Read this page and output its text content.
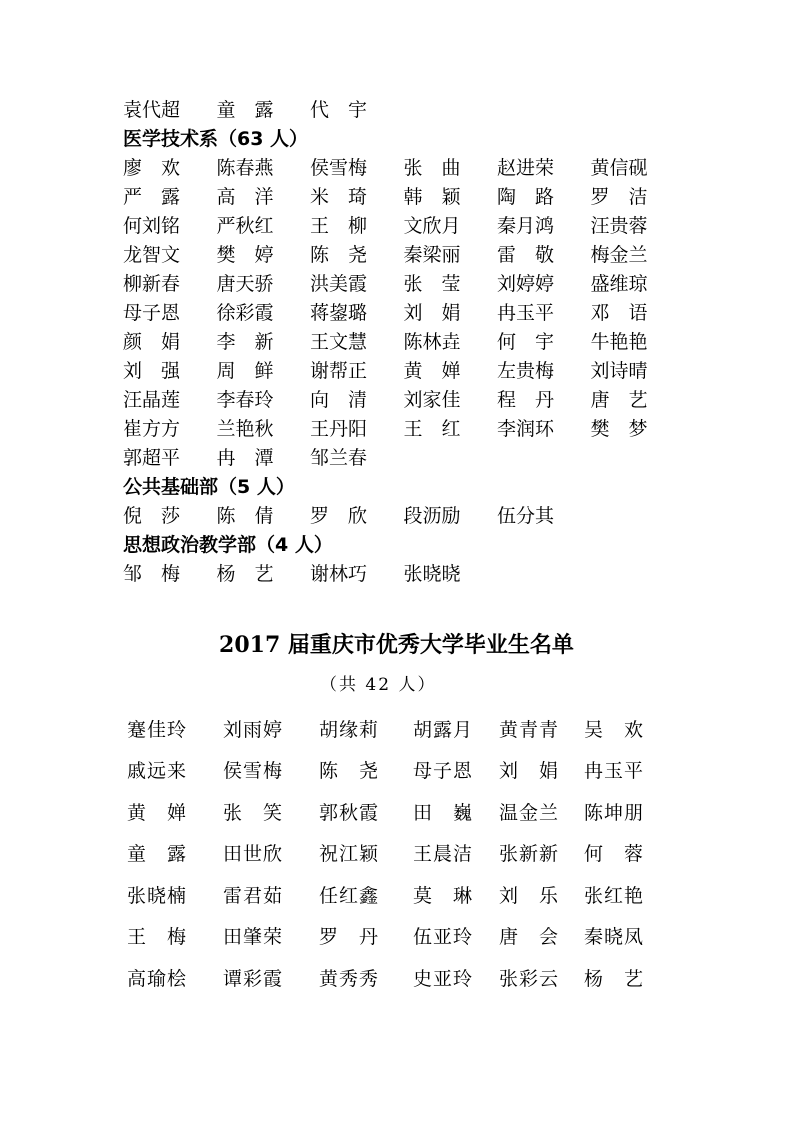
袁代超	童　露	代　宇
医学技术系（63 人）
廖　欢	陈春燕	侯雪梅	张　曲	赵进荣	黄信砚
严　露	高　洋	米　琦	韩　颖	陶　路	罗　洁
何刘铭	严秋红	王　柳	文欣月	秦月鸿	汪贵蓉
龙智文	樊　婷	陈　尧	秦梁丽	雷　敬	梅金兰
柳新春	唐天骄	洪美霞	张　莹	刘婷婷	盛维琼
母子恩	徐彩霞	蒋鋆璐	刘　娟	冉玉平	邓　语
颜　娟	李　新	王文慧	陈林垚	何　宇	牛艳艳
刘　强	周　鲜	谢帮正	黄　婵	左贵梅	刘诗晴
汪晶莲	李春玲	向　清	刘家佳	程　丹	唐　艺
崔方方	兰艳秋	王丹阳	王　红	李润环	樊　梦
郭超平	冉　潭	邹兰春
公共基础部（5 人）
倪　莎	陈　倩	罗　欣	段沥励	伍分其
思想政治教学部（4 人）
邹　梅	杨　艺	谢林巧	张晓晓
2017 届重庆市优秀大学毕业生名单
（共 42 人）
蹇佳玲	刘雨婷	胡缘莉	胡露月	黄青青	吴　欢
戚远来	侯雪梅	陈　尧	母子恩	刘　娟	冉玉平
黄　婵	张　笑	郭秋霞	田　巍	温金兰	陈坤朋
童　露	田世欣	祝江颖	王晨洁	张新新	何　蓉
张晓楠	雷君茹	任红鑫	莫　琳	刘　乐	张红艳
王　梅	田肇荣	罗　丹	伍亚玲	唐　会	秦晓凤
高瑜桧	谭彩霞	黄秀秀	史亚玲	张彩云	杨　艺
